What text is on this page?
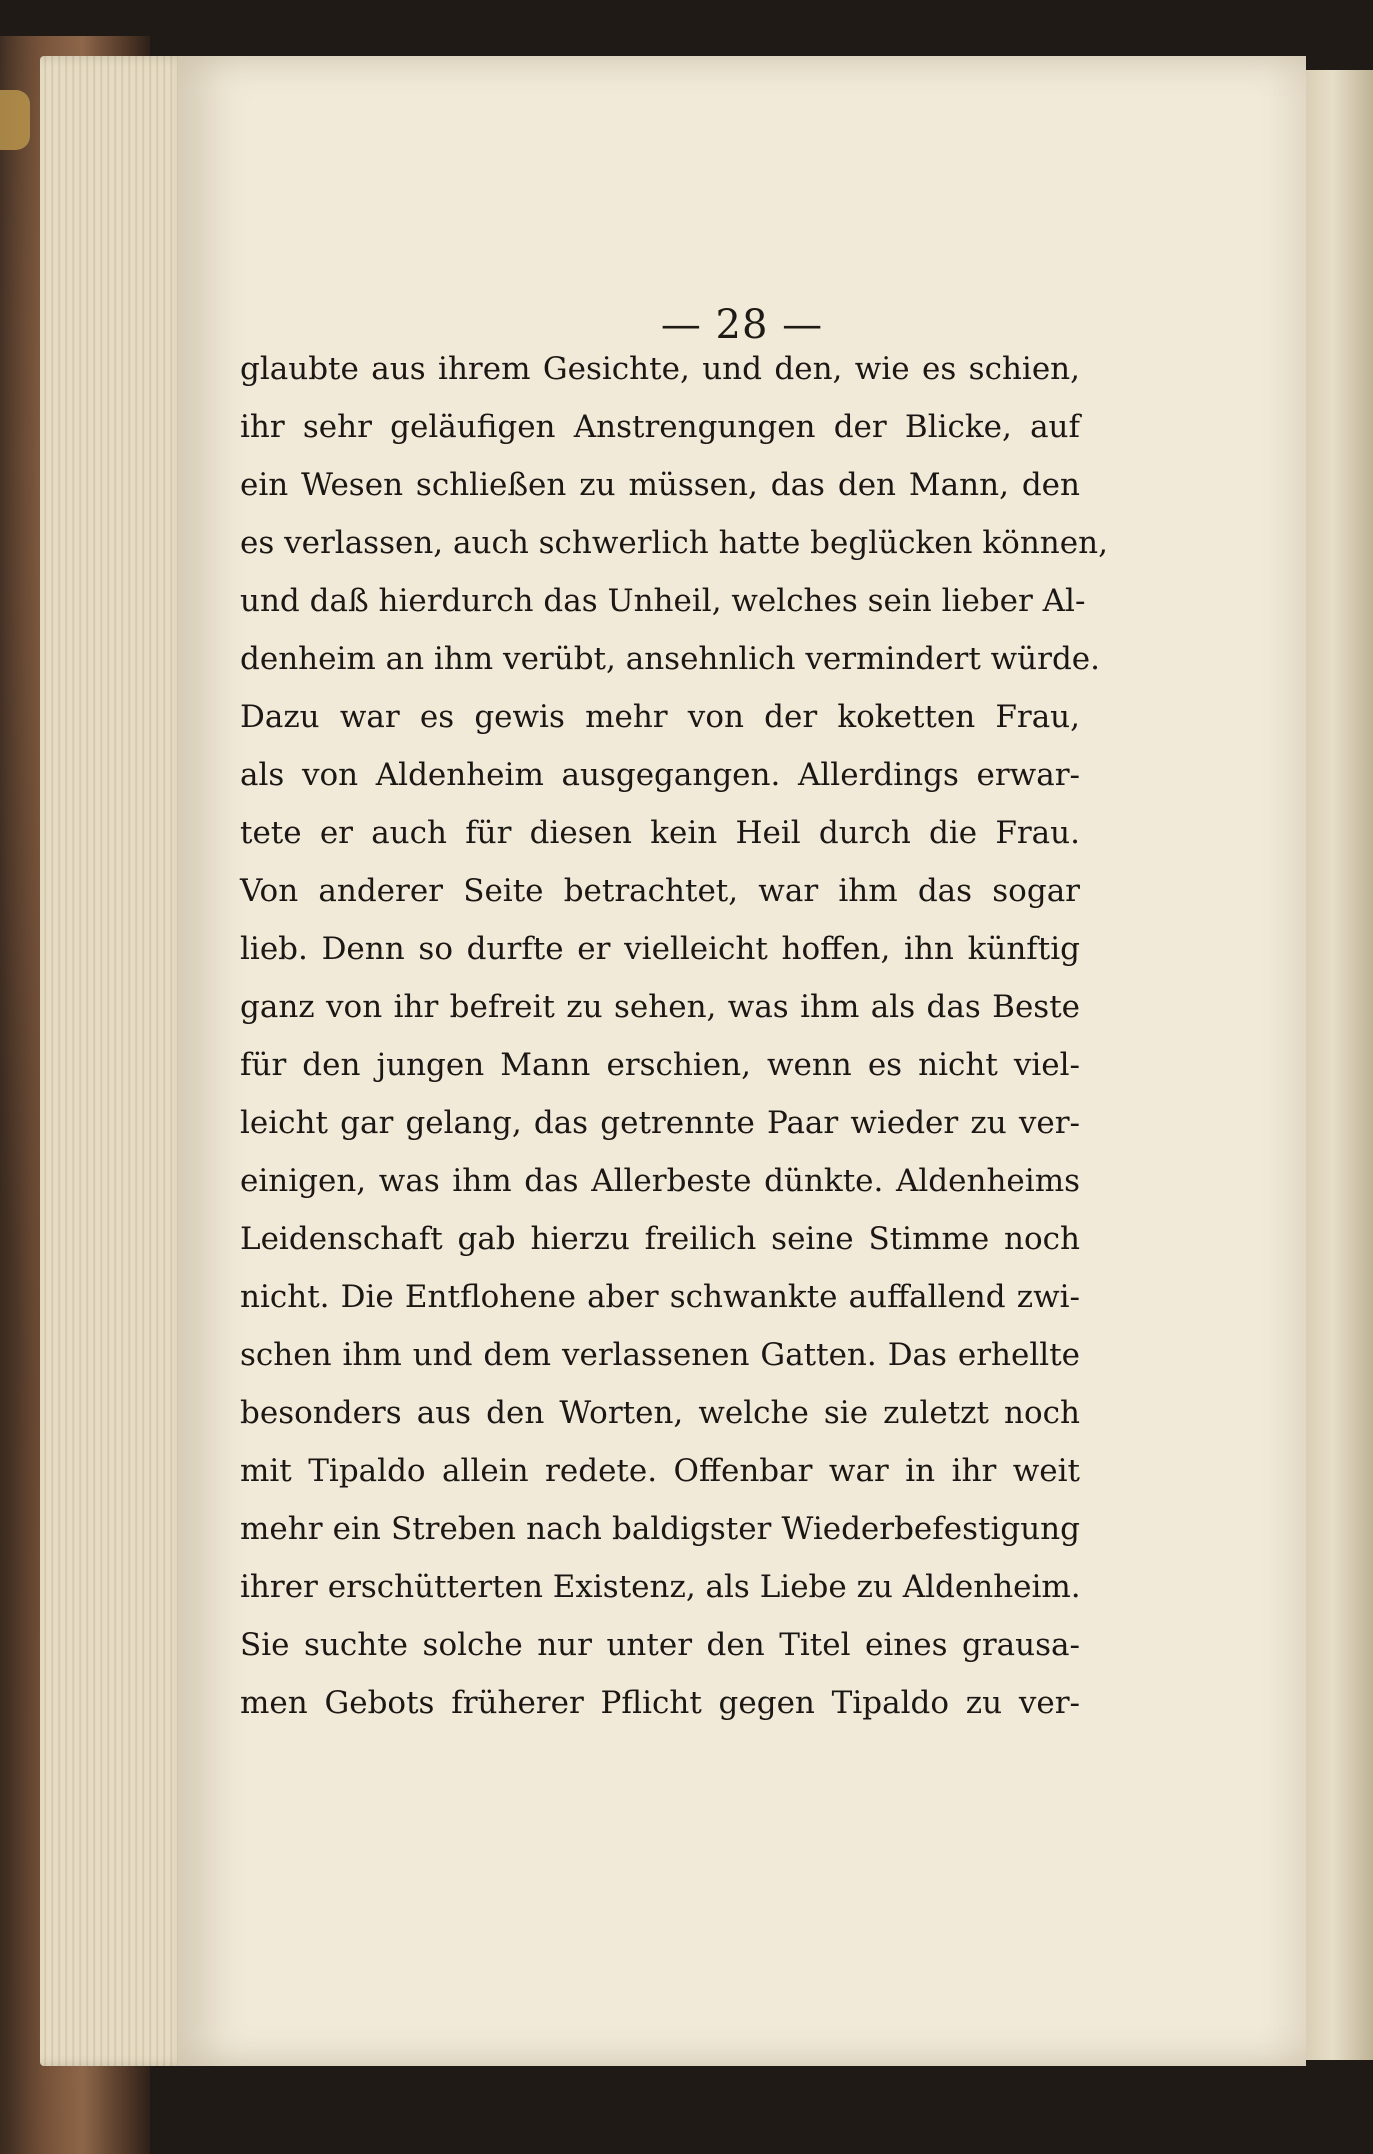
— 28 —
glaubte aus ihrem Gesichte, und den, wie es schien,
ihr sehr geläufigen Anstrengungen der Blicke, auf
ein Wesen schließen zu müssen, das den Mann, den
es verlassen, auch schwerlich hatte beglücken können,
und daß hierdurch das Unheil, welches sein lieber Al-
denheim an ihm verübt, ansehnlich vermindert würde.
Dazu war es gewis mehr von der koketten Frau,
als von Aldenheim ausgegangen. Allerdings erwar-
tete er auch für diesen kein Heil durch die Frau.
Von anderer Seite betrachtet, war ihm das sogar
lieb. Denn so durfte er vielleicht hoffen, ihn künftig
ganz von ihr befreit zu sehen, was ihm als das Beste
für den jungen Mann erschien, wenn es nicht viel-
leicht gar gelang, das getrennte Paar wieder zu ver-
einigen, was ihm das Allerbeste dünkte. Aldenheims
Leidenschaft gab hierzu freilich seine Stimme noch
nicht. Die Entflohene aber schwankte auffallend zwi-
schen ihm und dem verlassenen Gatten. Das erhellte
besonders aus den Worten, welche sie zuletzt noch
mit Tipaldo allein redete. Offenbar war in ihr weit
mehr ein Streben nach baldigster Wiederbefestigung
ihrer erschütterten Existenz, als Liebe zu Aldenheim.
Sie suchte solche nur unter den Titel eines grausa-
men Gebots früherer Pflicht gegen Tipaldo zu ver-
